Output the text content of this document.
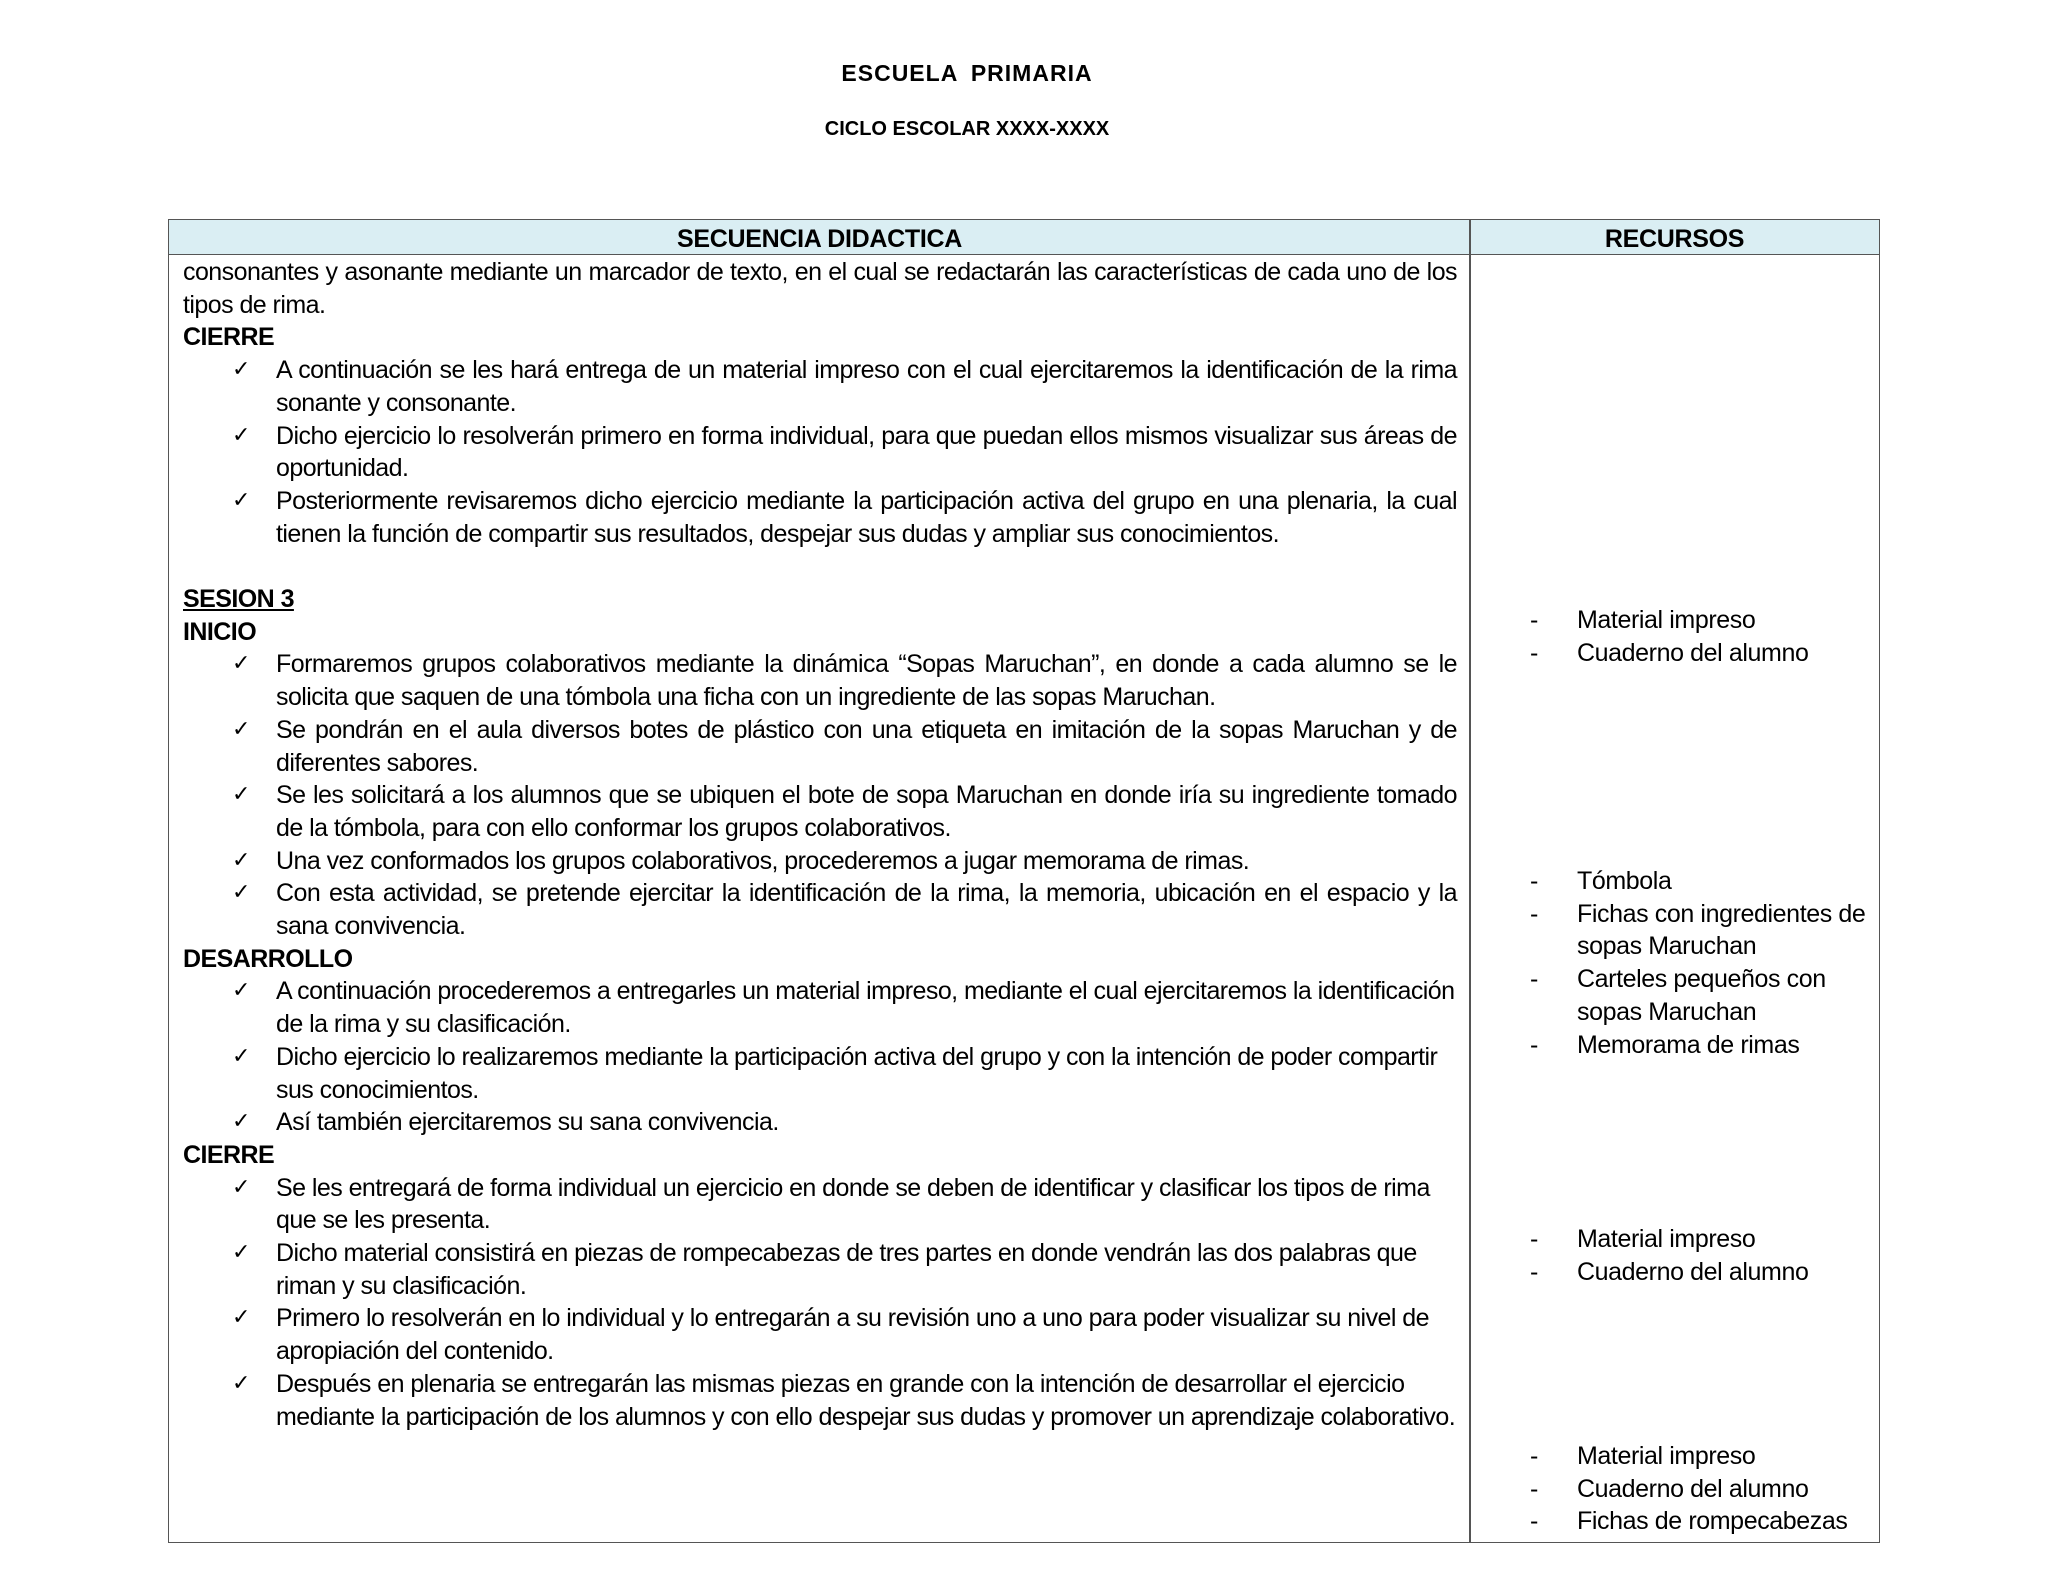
ESCUELA PRIMARIA
CICLO ESCOLAR XXXX-XXXX
SECUENCIA DIDACTICA	RECURSOS

consonantes y asonante mediante un marcador de texto, en el cual se redactarán las características de cada uno de los tipos de rima.

CIERRE

✓ A continuación se les hará entrega de un material impreso con el cual ejercitaremos la identificación de la rima sonante y consonante.
✓ Dicho ejercicio lo resolverán primero en forma individual, para que puedan ellos mismos visualizar sus áreas de oportunidad.
✓ Posteriormente revisaremos dicho ejercicio mediante la participación activa del grupo en una plenaria, la cual tienen la función de compartir sus resultados, despejar sus dudas y ampliar sus conocimientos.

SESION 3

INICIO

✓ Formaremos grupos colaborativos mediante la dinámica “Sopas Maruchan”, en donde a cada alumno se le solicita que saquen de una tómbola una ficha con un ingrediente de las sopas Maruchan.
✓ Se pondrán en el aula diversos botes de plástico con una etiqueta en imitación de la sopas Maruchan y de diferentes sabores.
✓ Se les solicitará a los alumnos que se ubiquen el bote de sopa Maruchan en donde iría su ingrediente tomado de la tómbola, para con ello conformar los grupos colaborativos.
✓ Una vez conformados los grupos colaborativos, procederemos a jugar memorama de rimas.
✓ Con esta actividad, se pretende ejercitar la identificación de la rima, la memoria, ubicación en el espacio y la sana convivencia.

DESARROLLO

✓ A continuación procederemos a entregarles un material impreso, mediante el cual ejercitaremos la identificación de la rima y su clasificación.
✓ Dicho ejercicio lo realizaremos mediante la participación activa del grupo y con la intención de poder compartir sus conocimientos.
✓ Así también ejercitaremos su sana convivencia.

CIERRE

✓ Se les entregará de forma individual un ejercicio en donde se deben de identificar y clasificar los tipos de rima que se les presenta.
✓ Dicho material consistirá en piezas de rompecabezas de tres partes en donde vendrán las dos palabras que riman y su clasificación.
✓ Primero lo resolverán en lo individual y lo entregarán a su revisión uno a uno para poder visualizar su nivel de apropiación del contenido.
✓ Después en plenaria se entregarán las mismas piezas en grande con la intención de desarrollar el ejercicio mediante la participación de los alumnos y con ello despejar sus dudas y promover un aprendizaje colaborativo.
- Material impreso
- Cuaderno del alumno
- Tómbola
- Fichas con ingredientes de sopas Maruchan
- Carteles pequeños con sopas Maruchan
- Memorama de rimas
- Material impreso
- Cuaderno del alumno
- Material impreso
- Cuaderno del alumno
- Fichas de rompecabezas
